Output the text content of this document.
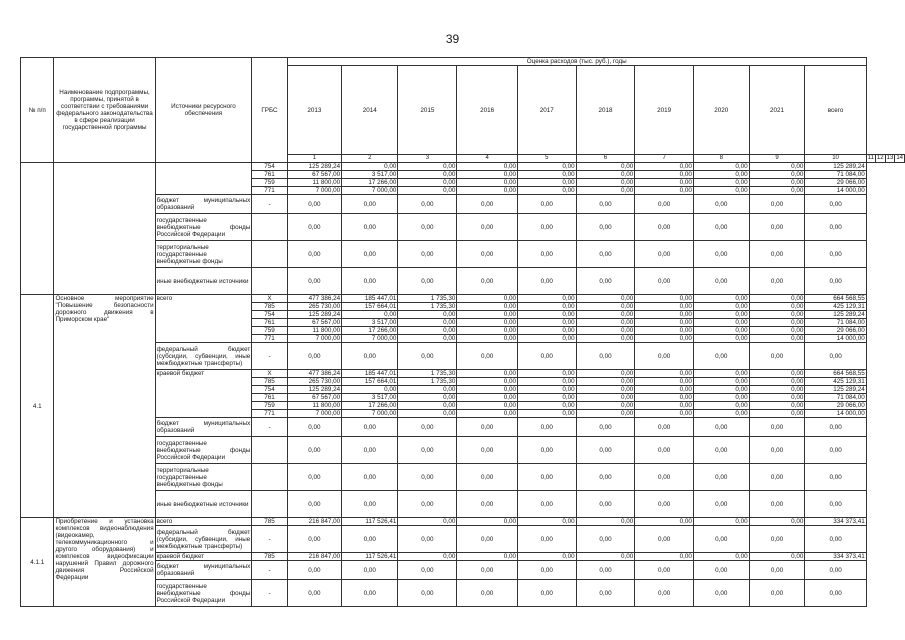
39
№ п/п	Наименование подпрограммы, программы, принятой в соответствии с требованиями федерального законодательства в сфере реализации государственной программы	Источники ресурсного обеспечения	ГРБС	Оценка расходов (тыс. руб.), годы													
				2013	2014	2015	2016	2017	2018	2019	2020	2021	всего				
				1	2	3	4	5	6	7	8	9	10	11	12	13	14
			754	125 289,24	0,00	0,00	0,00	0,00	0,00	0,00	0,00	0,00	125 289,24				
			761	67 567,00	3 517,00	0,00	0,00	0,00	0,00	0,00	0,00	0,00	71 084,00				
			759	11 800,00	17 266,00	0,00	0,00	0,00	0,00	0,00	0,00	0,00	29 066,00				
			771	7 000,00	7 000,00	0,00	0,00	0,00	0,00	0,00	0,00	0,00	14 000,00				
		бюджет муниципальных образований	-	0,00	0,00	0,00	0,00	0,00	0,00	0,00	0,00	0,00	0,00				
		государственные внебюджетные фонды Российской Федерации		0,00	0,00	0,00	0,00	0,00	0,00	0,00	0,00	0,00	0,00				
		территориальные государственные внебюджетные фонды		0,00	0,00	0,00	0,00	0,00	0,00	0,00	0,00	0,00	0,00				
		иные внебюджетные источники		0,00	0,00	0,00	0,00	0,00	0,00	0,00	0,00	0,00	0,00				
4.1	Основное мероприятие "Повышение безопасности дорожного движения в Приморском крае"	всего	X	477 386,24	185 447,01	1 735,30	0,00	0,00	0,00	0,00	0,00	0,00	664 568,55				
			785	265 730,00	157 664,01	1 735,30	0,00	0,00	0,00	0,00	0,00	0,00	425 129,31				
			754	125 289,24	0,00	0,00	0,00	0,00	0,00	0,00	0,00	0,00	125 289,24				
			761	67 567,00	3 517,00	0,00	0,00	0,00	0,00	0,00	0,00	0,00	71 084,00				
			759	11 800,00	17 266,00	0,00	0,00	0,00	0,00	0,00	0,00	0,00	29 066,00				
			771	7 000,00	7 000,00	0,00	0,00	0,00	0,00	0,00	0,00	0,00	14 000,00				
		федеральный бюджет (субсидии, субвенции, иные межбюджетные трансферты)	-	0,00	0,00	0,00	0,00	0,00	0,00	0,00	0,00	0,00	0,00				
		краевой бюджет	X	477 386,24	185 447,01	1 735,30	0,00	0,00	0,00	0,00	0,00	0,00	664 568,55				
			785	265 730,00	157 664,01	1 735,30	0,00	0,00	0,00	0,00	0,00	0,00	425 129,31				
			754	125 289,24	0,00	0,00	0,00	0,00	0,00	0,00	0,00	0,00	125 289,24				
			761	67 567,00	3 517,00	0,00	0,00	0,00	0,00	0,00	0,00	0,00	71 084,00				
			759	11 800,00	17 266,00	0,00	0,00	0,00	0,00	0,00	0,00	0,00	29 066,00				
			771	7 000,00	7 000,00	0,00	0,00	0,00	0,00	0,00	0,00	0,00	14 000,00				
		бюджет муниципальных образований	-	0,00	0,00	0,00	0,00	0,00	0,00	0,00	0,00	0,00	0,00				
		государственные внебюджетные фонды Российской Федерации		0,00	0,00	0,00	0,00	0,00	0,00	0,00	0,00	0,00	0,00				
		территориальные государственные внебюджетные фонды		0,00	0,00	0,00	0,00	0,00	0,00	0,00	0,00	0,00	0,00				
		иные внебюджетные источники		0,00	0,00	0,00	0,00	0,00	0,00	0,00	0,00	0,00	0,00				
4.1.1	Приобретение и установка комплексов видеонаблюдения (видеокамер, телекоммуникационного и другого оборудования) и комплексов видеофиксации нарушений Правил дорожного движения Российской Федерации	всего	785	216 847,00	117 526,41	0,00	0,00	0,00	0,00	0,00	0,00	0,00	334 373,41				
		федеральный бюджет (субсидии, субвенции, иные межбюджетные трансферты)	-	0,00	0,00	0,00	0,00	0,00	0,00	0,00	0,00	0,00	0,00				
		краевой бюджет	785	216 847,00	117 526,41	0,00	0,00	0,00	0,00	0,00	0,00	0,00	334 373,41				
		бюджет муниципальных образований	-	0,00	0,00	0,00	0,00	0,00	0,00	0,00	0,00	0,00	0,00				
		государственные внебюджетные фонды Российской Федерации	-	0,00	0,00	0,00	0,00	0,00	0,00	0,00	0,00	0,00	0,00				
